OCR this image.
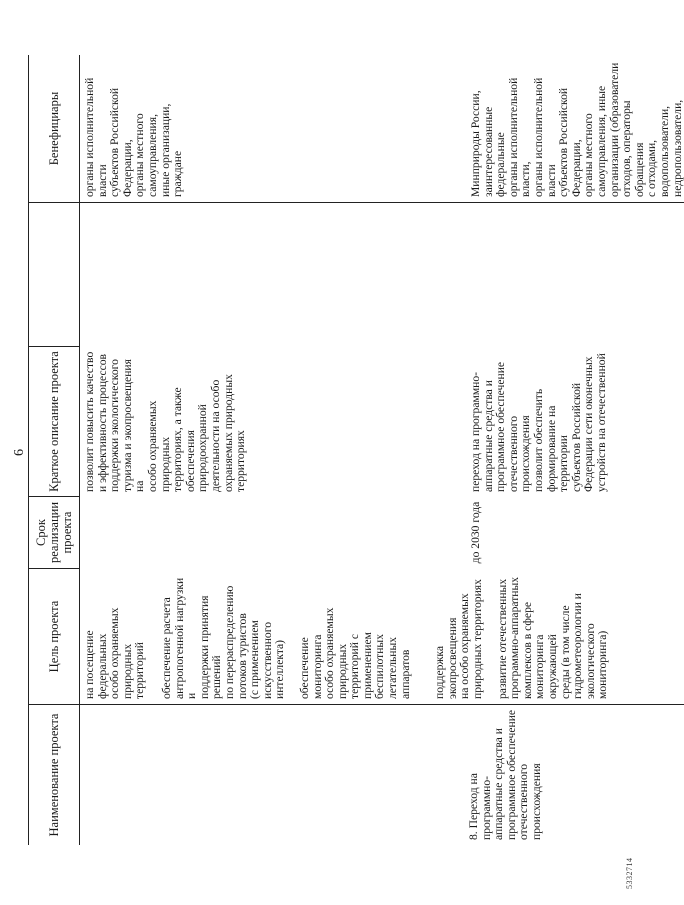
6
Наименование проекта
Цель проекта
Срок реализации
проекта
Краткое описание проекта
Бенефициары
8. Переход на программно-
аппаратные средства и
программное обеспечение
отечественного
происхождения
на посещение федеральных
особо охраняемых природных
территорий обеспечение расчета
антропогенной нагрузки и
поддержки принятия решений
по перераспределению
потоков туристов
(с применением
искусственного интеллекта) обеспечение мониторинга
особо охраняемых природных
территорий с применением
беспилотных летательных
аппаратов поддержка экопросвещения
на особо охраняемых
природных территориях
развитие отечественных
программно-аппаратных
комплексов в сфере
мониторинга окружающей
среды (в том числе
гидрометеорологии и
экологического мониторинга)
до 2030 года
позволит повысить качество
и эффективность процессов
поддержки экологического
туризма и экопросвещения на
особо охраняемых природных
территориях, а также
обеспечения природоохранной
деятельности на особо
охраняемых природных
территориях	переход на программно-
аппаратные средства и
программное обеспечение
отечественного происхождения
позволит обеспечить
формирование на территории
субъектов Российской
Федерации сети оконечных
устройств на отечественной
органы исполнительной власти
субъектов Российской
Федерации,
органы местного
самоуправления,
иные организации,
граждане	Минприроды России,
заинтересованные федеральные
органы исполнительной власти,
органы исполнительной власти
субъектов Российской
Федерации,
органы местного
самоуправления, иные
организации (образователи
отходов, операторы обращения
с отходами, водопользователи,
недропользователи,
5332714
